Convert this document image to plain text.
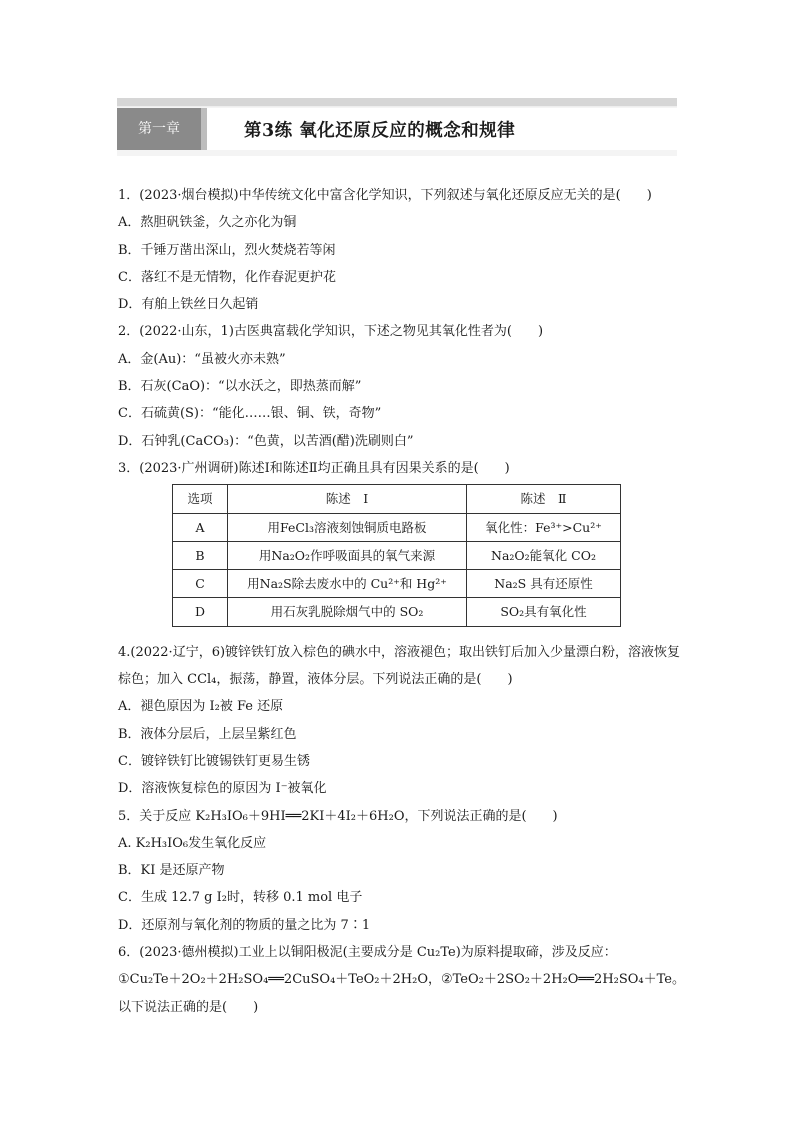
第一章	第3练 氧化还原反应的概念和规律
1．(2023·烟台模拟)中华传统文化中富含化学知识，下列叙述与氧化还原反应无关的是(　　)
A．熬胆矾铁釜，久之亦化为铜
B．千锤万凿出深山，烈火焚烧若等闲
C．落红不是无情物，化作春泥更护花
D．有舶上铁丝日久起销
2．(2022·山东，1)古医典富载化学知识，下述之物见其氧化性者为(　　)
A．金(Au)：“虽被火亦未熟”
B．石灰(CaO)：“以水沃之，即热蒸而解”
C．石硫黄(S)：“能化……银、铜、铁，奇物”
D．石钟乳(CaCO₃)：“色黄，以苦酒(醋)洗刷则白”
3．(2023·广州调研)陈述Ⅰ和陈述Ⅱ均正确且具有因果关系的是(　　)
选项	陈述　Ⅰ	陈述　Ⅱ
A	用FeCl₃溶液刻蚀铜质电路板	氧化性：Fe³⁺>Cu²⁺
B	用Na₂O₂作呼吸面具的氧气来源	Na₂O₂能氧化 CO₂
C	用Na₂S除去废水中的 Cu²⁺和 Hg²⁺	Na₂S 具有还原性
D	用石灰乳脱除烟气中的 SO₂	SO₂具有氧化性
4.(2022·辽宁，6)镀锌铁钉放入棕色的碘水中，溶液褪色；取出铁钉后加入少量漂白粉，溶液恢复棕色；加入 CCl₄，振荡，静置，液体分层。下列说法正确的是(　　)
A．褪色原因为 I₂被 Fe 还原
B．液体分层后，上层呈紫红色
C．镀锌铁钉比镀锡铁钉更易生锈
D．溶液恢复棕色的原因为 I⁻被氧化
5．关于反应 K₂H₃IO₆＋9HI══2KI＋4I₂＋6H₂O，下列说法正确的是(　　)
A. K₂H₃IO₆发生氧化反应
B．KI 是还原产物
C．生成 12.7 g I₂时，转移 0.1 mol 电子
D．还原剂与氧化剂的物质的量之比为 7∶1
6．(2023·德州模拟)工业上以铜阳极泥(主要成分是 Cu₂Te)为原料提取碲，涉及反应：
①Cu₂Te＋2O₂＋2H₂SO₄══2CuSO₄＋TeO₂＋2H₂O，②TeO₂＋2SO₂＋2H₂O══2H₂SO₄＋Te。
以下说法正确的是(　　)
